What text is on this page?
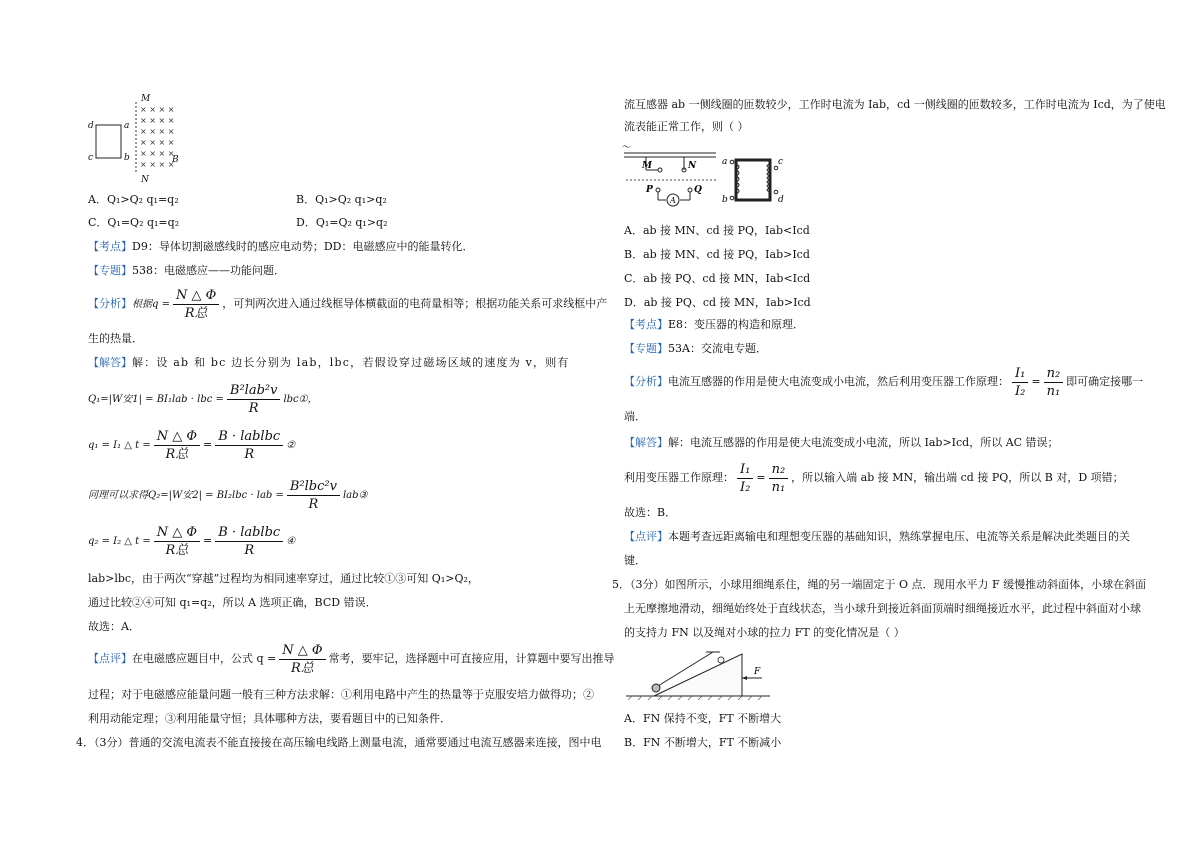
× × × ×
× × × ×
× × × ×
× × × ×
× × × ×
× × × ×
M
N
d
c
a
b	B
A．Q₁>Q₂ q₁=q₂	B．Q₁>Q₂ q₁>q₂
C．Q₁=Q₂ q₁=q₂	D．Q₁=Q₂ q₁>q₂
【考点】D9：导体切割磁感线时的感应电动势；DD：电磁感应中的能量转化．
【专题】538：电磁感应——功能问题．
【分析】根据$q = \frac{N \triangle \Phi}{\text{R总}}$ ，可判两次进入通过线框导体横截面的电荷量相等；根据功能关系可求线框中产
生的热量．
【解答】解：设 ab 和 bc 边长分别为 lab，lbc，若假设穿过磁场区域的速度为 v，则有
Q₁=|W安1| = BI₁lab · lbc = $\frac{\text{B²lab²v}}{R}$ lbc①，
q₁ = I₁ △ $t = \frac{N \triangle \Phi}{\text{R总}} = \frac{\text{B · lablbc}}{R}$ ②
同理可以求得Q₂=|W安2| = BI₂lbc · lab = $\frac{\text{B²lbc²v}}{R}$ lab③
q₂ = I₂ △ $t = \frac{N \triangle \Phi}{\text{R总}} = \frac{\text{B · lablbc}}{R}$ ④
lab>lbc，由于两次“穿越”过程均为相同速率穿过，通过比较①③可知 Q₁>Q₂，
通过比较②④可知 q₁=q₂，所以 A 选项正确，BCD 错误．
故选：A．
【点评】在电磁感应题目中，公式 $q = \frac{N \triangle \Phi}{\text{R总}}$ 常考，要牢记，选择题中可直接应用，计算题中要写出推导
过程；对于电磁感应能量问题一般有三种方法求解：①利用电路中产生的热量等于克服安培力做得功；②
利用动能定理；③利用能量守恒；具体哪种方法，要看题目中的已知条件．
4．（3分）普通的交流电流表不能直接接在高压输电线路上测量电流，通常要通过电流互感器来连接，图中电
流互感器 ab 一侧线圈的匝数较少，工作时电流为 Iab，cd 一侧线圈的匝数较多，工作时电流为 Icd，为了使电
流表能正常工作，则（ ）
～
A
M	N
P	Q
a
b
c
d
A．ab 接 MN、cd 接 PQ，Iab<Icd
B．ab 接 MN、cd 接 PQ，Iab>Icd
C．ab 接 PQ、cd 接 MN，Iab<Icd
D．ab 接 PQ、cd 接 MN，Iab>Icd
【考点】E8：变压器的构造和原理．
【专题】53A：交流电专题．
【分析】电流互感器的作用是使大电流变成小电流，然后利用变压器工作原理： $\frac{\text{I₁}}{\text{I₂}} = \frac{\text{n₂}}{\text{n₁}}$ 即可确定接哪一
端．
【解答】解：电流互感器的作用是使大电流变成小电流，所以 Iab>Icd，所以 AC 错误；
利用变压器工作原理： $\frac{\text{I₁}}{\text{I₂}} = \frac{\text{n₂}}{\text{n₁}}$ ，所以输入端 ab 接 MN，输出端 cd 接 PQ，所以 B 对，D 项错；
故选：B．
【点评】本题考查远距离输电和理想变压器的基础知识，熟练掌握电压、电流等关系是解决此类题目的关
键．
5．（3分）如图所示，小球用细绳系住，绳的另一端固定于 O 点．现用水平力 F 缓慢推动斜面体，小球在斜面
上无摩擦地滑动，细绳始终处于直线状态，当小球升到接近斜面顶端时细绳接近水平，此过程中斜面对小球
的支持力 FN 以及绳对小球的拉力 FT 的变化情况是（ ）
F
A．FN 保持不变，FT 不断增大
B．FN 不断增大，FT 不断减小
